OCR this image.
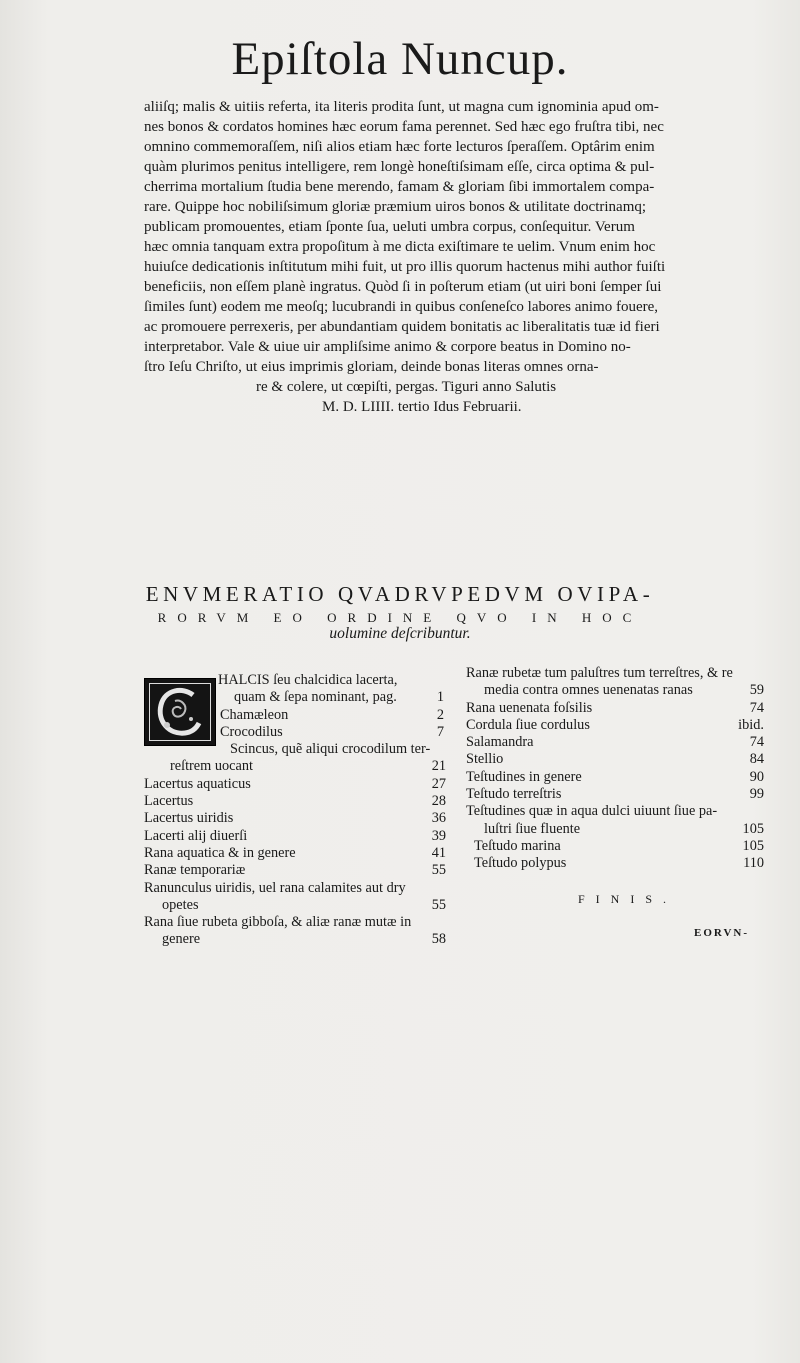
Epiſtola Nuncup.
aliiſq; malis & uitiis referta, ita literis prodita ſunt, ut magna cum ignominia apud om-
nes bonos & cordatos homines hæc eorum fama perennet. Sed hæc ego fruſtra tibi, nec
omnino commemoraſſem, niſi alios etiam hæc forte lecturos ſperaſſem. Optârim enim
quàm plurimos penitus intelligere, rem longè honeſtiſsimam eſſe, circa optima & pul-
cherrima mortalium ſtudia bene merendo, famam & gloriam ſibi immortalem compa-
rare. Quippe hoc nobiliſsimum gloriæ præmium uiros bonos & utilitate doctrinamq;
publicam promouentes, etiam ſponte ſua, ueluti umbra corpus, conſequitur. Verum
hæc omnia tanquam extra propoſitum à me dicta exiſtimare te uelim. Vnum enim hoc
huiuſce dedicationis inſtitutum mihi fuit, ut pro illis quorum hactenus mihi author fuiſti
beneficiis, non eſſem planè ingratus. Quòd ſi in poſterum etiam (ut uiri boni ſemper ſui
ſimiles ſunt) eodem me meoſq; lucubrandi in quibus conſeneſco labores animo fouere,
ac promouere perrexeris, per abundantiam quidem bonitatis ac liberalitatis tuæ id fieri
interpretabor. Vale & uiue uir ampliſsime animo & corpore beatus in Domino no-
ſtro Ieſu Chriſto, ut eius imprimis gloriam, deinde bonas literas omnes orna-
re & colere, ut cœpiſti, pergas. Tiguri anno Salutis
M. D. LIIII. tertio Idus Februarii.
ENVMERATIO QVADRVPEDVM OVIPA-
RORVM EO ORDINE QVO IN HOC
uolumine deſcribuntur.
HALCIS ſeu chalcidica lacerta,
quam & ſepa nominant, pag.	1
Chamæleon	2
Crocodilus	7
Scincus, quẽ aliqui crocodilum ter-
reſtrem uocant	21
Lacertus aquaticus	27
Lacertus	28
Lacertus uiridis	36
Lacerti alij diuerſi	39
Rana aquatica & in genere	41
Ranæ temporariæ	55
Ranunculus uiridis, uel rana calamites aut dry
opetes	55
Rana ſiue rubeta gibboſa, & aliæ ranæ mutæ in
genere	58
Ranæ rubetæ tum paluſtres tum terreſtres, & re
media contra omnes uenenatas ranas	59
Rana uenenata foſsilis	74
Cordula ſiue cordulus	ibid.
Salamandra	74
Stellio	84
Teſtudines in genere	90
Teſtudo terreſtris	99
Teſtudines quæ in aqua dulci uiuunt ſiue pa-
luſtri ſiue fluente	105
Teſtudo marina	105
Teſtudo polypus	110
FINIS.
EORVN-
